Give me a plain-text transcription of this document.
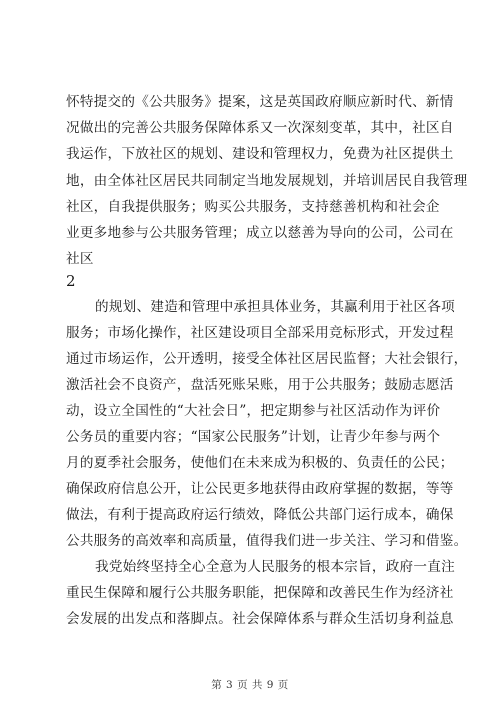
怀特提交的《公共服务》提案，这是英国政府顺应新时代、新情
况做出的完善公共服务保障体系又一次深刻变革，其中，社区自
我运作，下放社区的规划、建设和管理权力，免费为社区提供土
地，由全体社区居民共同制定当地发展规划，并培训居民自我管理
社区，自我提供服务；购买公共服务，支持慈善机构和社会企
业更多地参与公共服务管理；成立以慈善为导向的公司，公司在
社区
2
的规划、建造和管理中承担具体业务，其赢利用于社区各项
服务；市场化操作，社区建设项目全部采用竞标形式，开发过程
通过市场运作，公开透明，接受全体社区居民监督；大社会银行，
激活社会不良资产，盘活死账呆账，用于公共服务；鼓励志愿活
动，设立全国性的“大社会日”，把定期参与社区活动作为评价
公务员的重要内容；“国家公民服务”计划，让青少年参与两个
月的夏季社会服务，使他们在未来成为积极的、负责任的公民；
确保政府信息公开，让公民更多地获得由政府掌握的数据，等等
做法，有利于提高政府运行绩效，降低公共部门运行成本，确保
公共服务的高效率和高质量，值得我们进一步关注、学习和借鉴。
我党始终坚持全心全意为人民服务的根本宗旨，政府一直注
重民生保障和履行公共服务职能，把保障和改善民生作为经济社
会发展的出发点和落脚点。社会保障体系与群众生活切身利益息
第 3 页 共 9 页
